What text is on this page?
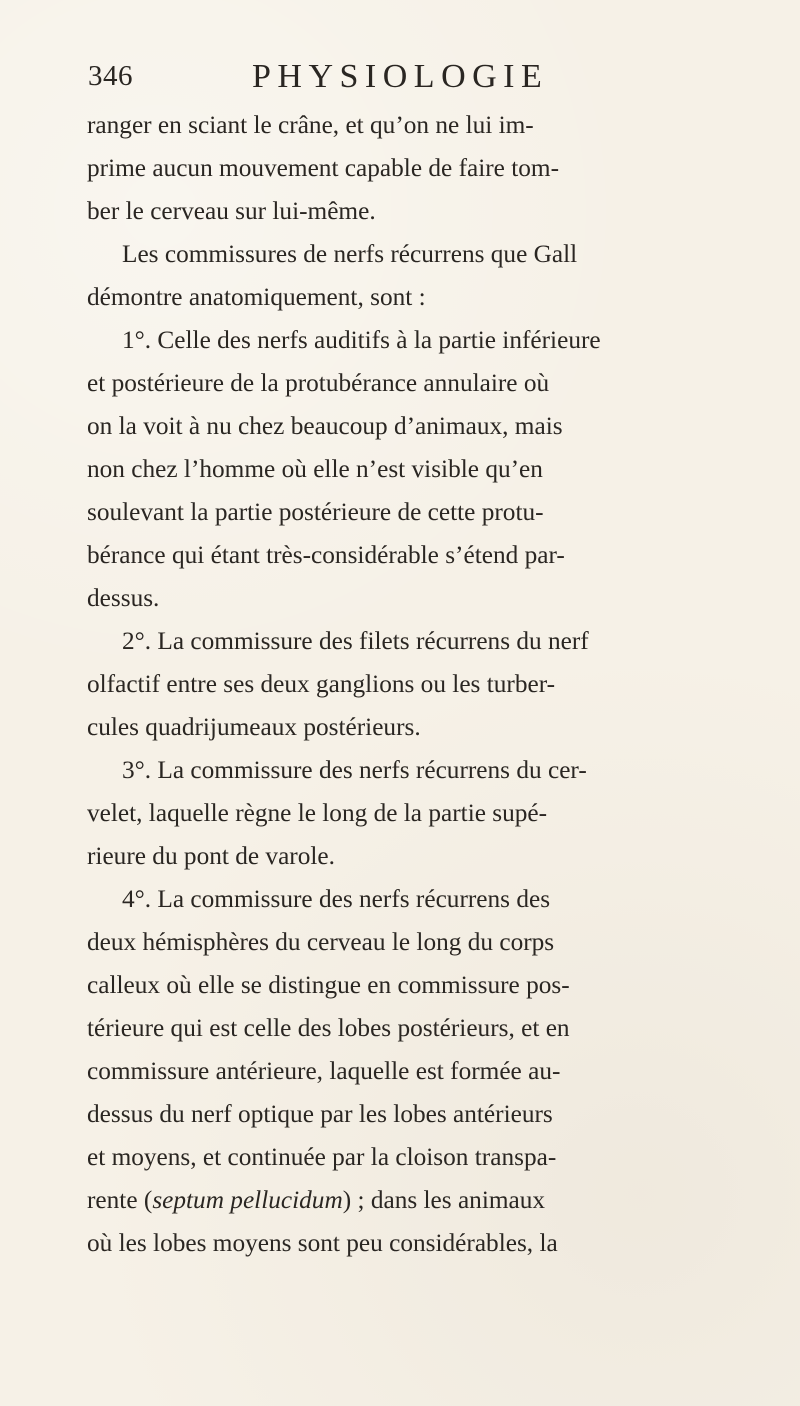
346	PHYSIOLOGIE
ranger en sciant le crâne, et qu’on ne lui im-
prime aucun mouvement capable de faire tom-
ber le cerveau sur lui-même.
Les commissures de nerfs récurrens que Gall
démontre anatomiquement, sont :
1°. Celle des nerfs auditifs à la partie inférieure
et postérieure de la protubérance annulaire où
on la voit à nu chez beaucoup d’animaux, mais
non chez l’homme où elle n’est visible qu’en
soulevant la partie postérieure de cette protu-
bérance qui étant très-considérable s’étend par-
dessus.
2°. La commissure des filets récurrens du nerf
olfactif entre ses deux ganglions ou les turber-
cules quadrijumeaux postérieurs.
3°. La commissure des nerfs récurrens du cer-
velet, laquelle règne le long de la partie supé-
rieure du pont de varole.
4°. La commissure des nerfs récurrens des
deux hémisphères du cerveau le long du corps
calleux où elle se distingue en commissure pos-
térieure qui est celle des lobes postérieurs, et en
commissure antérieure, laquelle est formée au-
dessus du nerf optique par les lobes antérieurs
et moyens, et continuée par la cloison transpa-
rente (septum pellucidum) ; dans les animaux
où les lobes moyens sont peu considérables, la
